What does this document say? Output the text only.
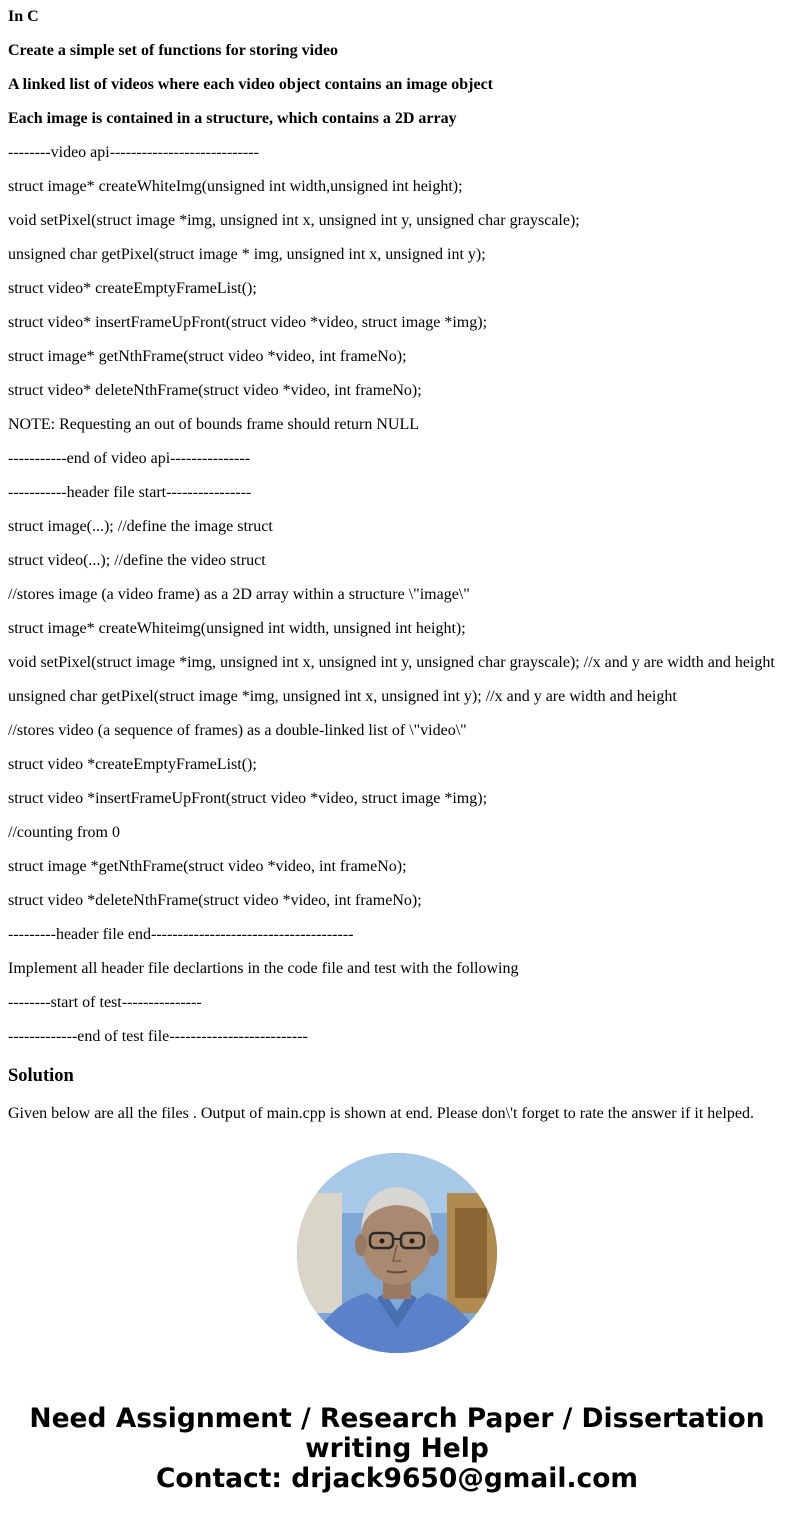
In C
Create a simple set of functions for storing video
A linked list of videos where each video object contains an image object
Each image is contained in a structure, which contains a 2D array
--------video api----------------------------
struct image* createWhiteImg(unsigned int width,unsigned int height);
void setPixel(struct image *img, unsigned int x, unsigned int y, unsigned char grayscale);
unsigned char getPixel(struct image * img, unsigned int x, unsigned int y);
struct video* createEmptyFrameList();
struct video* insertFrameUpFront(struct video *video, struct image *img);
struct image* getNthFrame(struct video *video, int frameNo);
struct video* deleteNthFrame(struct video *video, int frameNo);
NOTE: Requesting an out of bounds frame should return NULL
-----------end of video api---------------
-----------header file start----------------
struct image(...); //define the image struct
struct video(...); //define the video struct
//stores image (a video frame) as a 2D array within a structure \"image\"
struct image* createWhiteimg(unsigned int width, unsigned int height);
void setPixel(struct image *img, unsigned int x, unsigned int y, unsigned char grayscale); //x and y are width and height
unsigned char getPixel(struct image *img, unsigned int x, unsigned int y); //x and y are width and height
//stores video (a sequence of frames) as a double-linked list of \"video\"
struct video *createEmptyFrameList();
struct video *insertFrameUpFront(struct video *video, struct image *img);
//counting from 0
struct image *getNthFrame(struct video *video, int frameNo);
struct video *deleteNthFrame(struct video *video, int frameNo);
---------header file end--------------------------------------
Implement all header file declartions in the code file and test with the following
--------start of test---------------
-------------end of test file--------------------------
Solution
Given below are all the files . Output of main.cpp is shown at end. Please don\'t forget to rate the answer if it helped.
Need Assignment / Research Paper / Dissertation
writing Help
Contact: drjack9650@gmail.com
